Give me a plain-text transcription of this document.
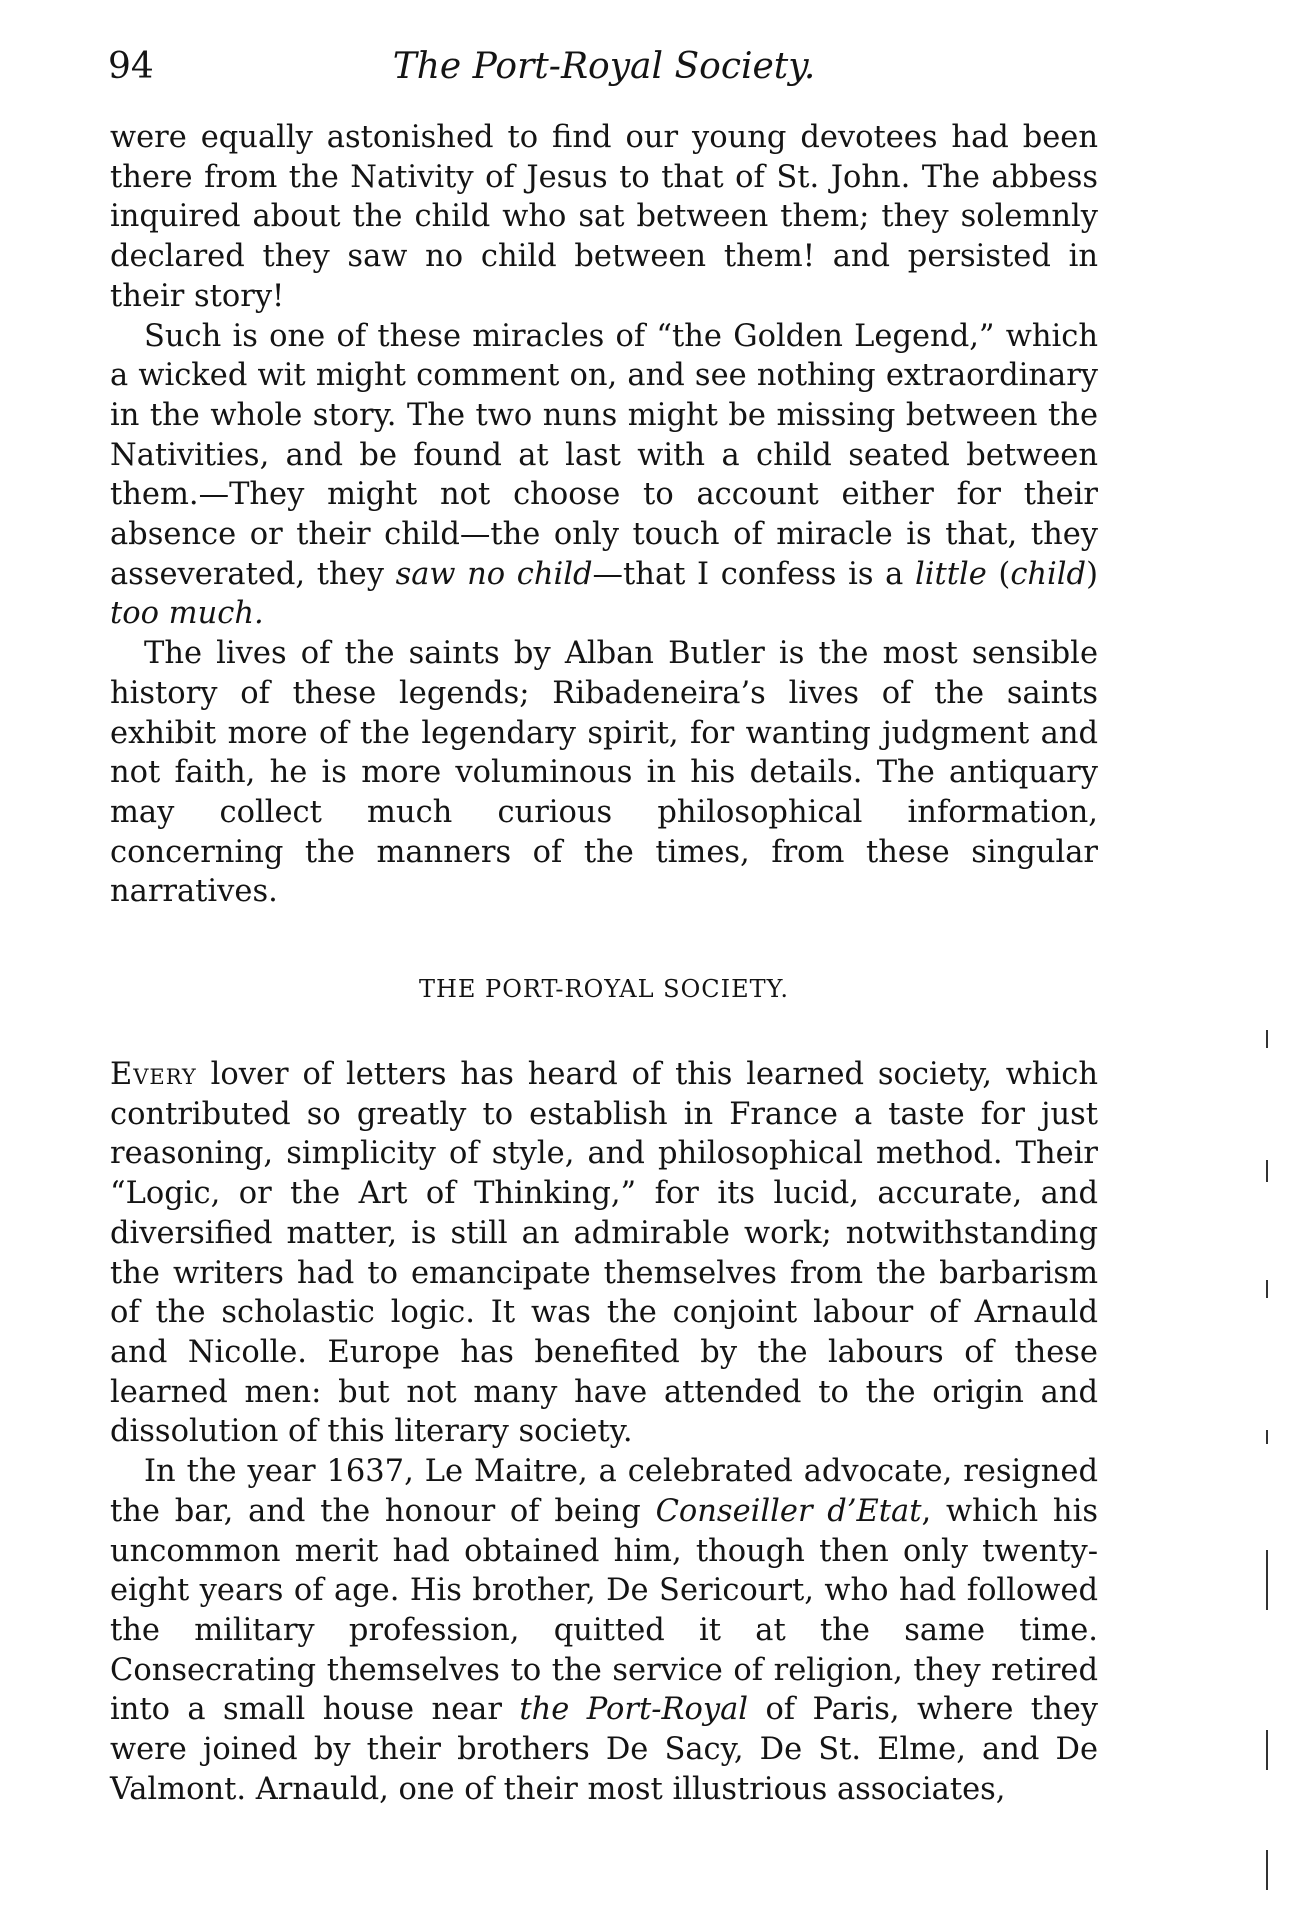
94	The Port-Royal Society.

were equally astonished to find our young devotees had been there from the Nativity of Jesus to that of St. John. The abbess inquired about the child who sat between them; they solemnly declared they saw no child between them! and persisted in their story!

Such is one of these miracles of “the Golden Legend,” which a wicked wit might comment on, and see nothing extraordinary in the whole story. The two nuns might be missing between the Nativities, and be found at last with a child seated between them.—They might not choose to account either for their absence or their child—the only touch of miracle is that, they asseverated, they saw no child—that I confess is a little (child) too much.

The lives of the saints by Alban Butler is the most sensible history of these legends; Ribadeneira’s lives of the saints exhibit more of the legendary spirit, for wanting judgment and not faith, he is more voluminous in his details. The antiquary may collect much curious philosophical information, concerning the manners of the times, from these singular narratives.

THE PORT-ROYAL SOCIETY.

Every lover of letters has heard of this learned society, which contributed so greatly to establish in France a taste for just reasoning, simplicity of style, and philosophical method. Their “Logic, or the Art of Thinking,” for its lucid, accurate, and diversified matter, is still an admirable work; notwithstanding the writers had to emancipate themselves from the barbarism of the scholastic logic. It was the conjoint labour of Arnauld and Nicolle. Europe has benefited by the labours of these learned men: but not many have attended to the origin and dissolution of this literary society.

In the year 1637, Le Maitre, a celebrated advocate, resigned the bar, and the honour of being Conseiller d’Etat, which his uncommon merit had obtained him, though then only twenty-eight years of age. His brother, De Sericourt, who had followed the military profession, quitted it at the same time. Consecrating themselves to the service of religion, they retired into a small house near the Port-Royal of Paris, where they were joined by their brothers De Sacy, De St. Elme, and De Valmont. Arnauld, one of their most illustrious associates,
